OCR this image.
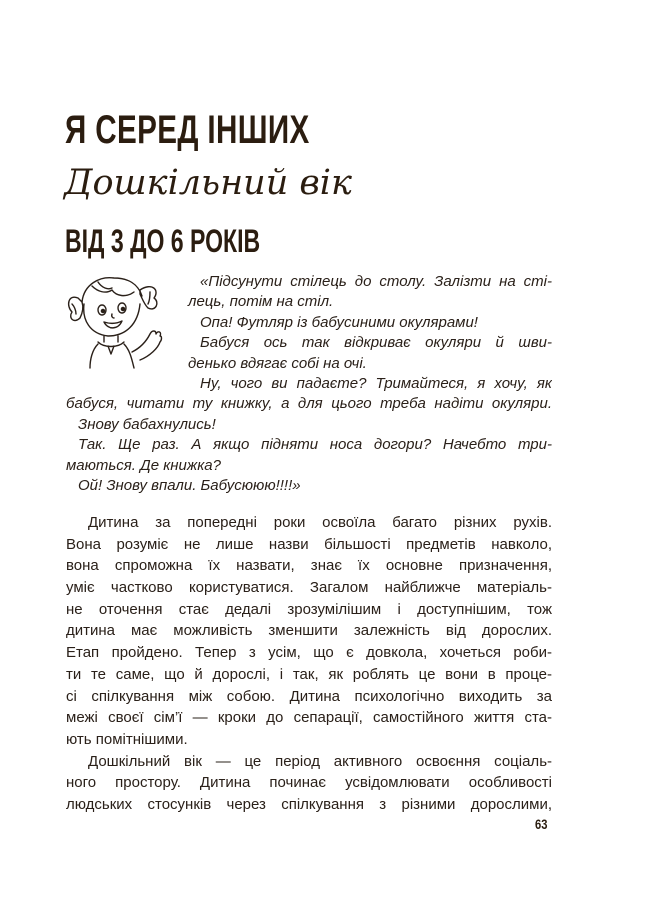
Я СЕРЕД ІНШИХ
Дошкільний вік
ВІД 3 ДО 6 РОКІВ
«Підсунути стілець до столу. Залізти на сті-
лець, потім на стіл.
Опа! Футляр із бабусиними окулярами!
Бабуся ось так відкриває окуляри й шви-
денько вдягає собі на очі.
Ну, чого ви падаєте? Тримайтеся, я хочу, як
бабуся, читати ту книжку, а для цього треба надіти окуляри.
Знову бабахнулись!
Так. Ще раз. А якщо підняти носа догори? Начебто три-
маються. Де книжка?
Ой! Знову впали. Бабусююю!!!!»
Дитина за попередні роки освоїла багато різних рухів.
Вона розуміє не лише назви більшості предметів навколо,
вона спроможна їх назвати, знає їх основне призначення,
уміє частково користуватися. Загалом найближче матеріаль-
не оточення стає дедалі зрозумілішим і доступнішим, тож
дитина має можливість зменшити залежність від дорослих.
Етап пройдено. Тепер з усім, що є довкола, хочеться роби-
ти те саме, що й дорослі, і так, як роблять це вони в проце-
сі спілкування між собою. Дитина психологічно виходить за
межі своєї сім’ї — кроки до сепарації, самостійного життя ста-
ють помітнішими.
Дошкільний вік — це період активного освоєння соціаль-
ного простору. Дитина починає усвідомлювати особливості
людських стосунків через спілкування з різними дорослими,
63
